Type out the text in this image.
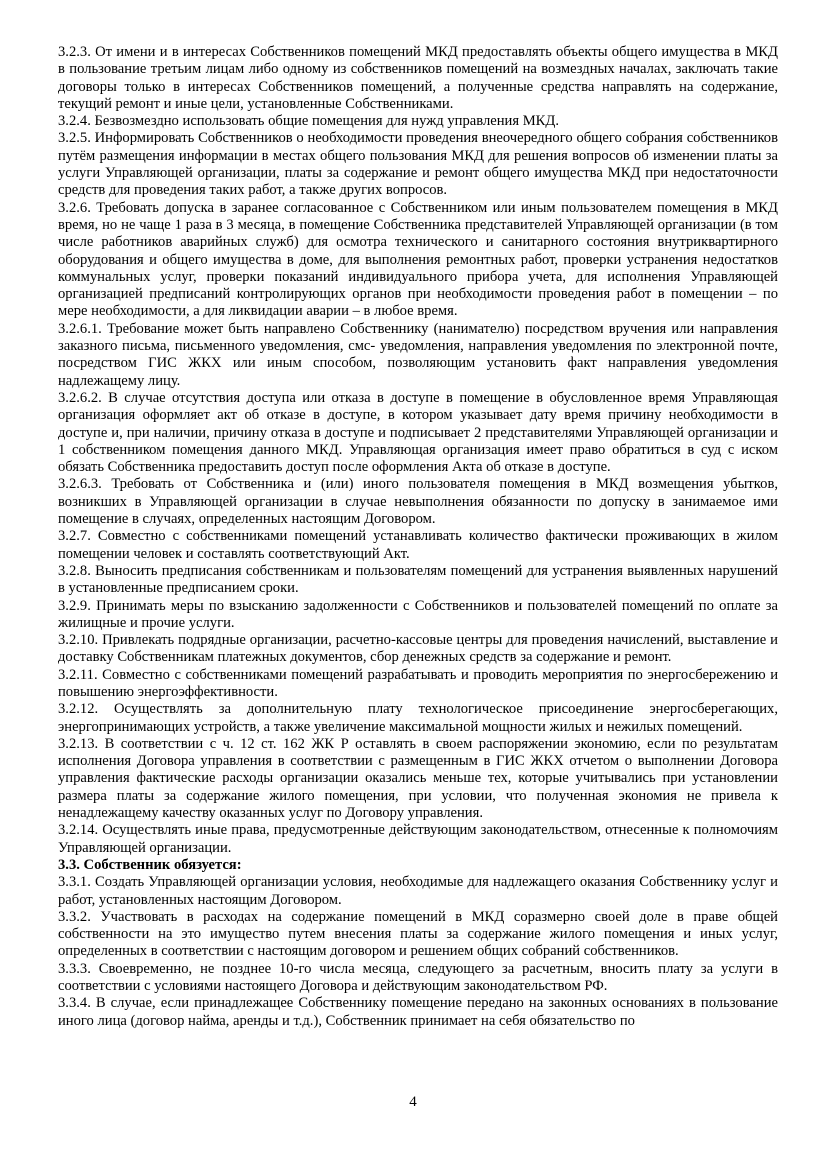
3.2.3. От имени и в интересах Собственников помещений МКД предоставлять объекты общего имущества в МКД в пользование третьим лицам либо одному из собственников помещений на возмездных началах, заключать такие договоры только в интересах Собственников помещений, а полученные средства направлять на содержание, текущий ремонт и иные цели, установленные Собственниками.

3.2.4. Безвозмездно использовать общие помещения для нужд управления МКД.

3.2.5. Информировать Собственников о необходимости проведения внеочередного общего собрания собственников путём размещения информации в местах общего пользования МКД для решения вопросов об изменении платы за услуги Управляющей организации, платы за содержание и ремонт общего имущества МКД при недостаточности средств для проведения таких работ, а также других вопросов.

3.2.6. Требовать допуска в заранее согласованное с Собственником или иным пользователем помещения в МКД время, но не чаще 1 раза в 3 месяца, в помещение Собственника представителей Управляющей организации (в том числе работников аварийных служб) для осмотра технического и санитарного состояния внутриквартирного оборудования и общего имущества в доме, для выполнения ремонтных работ, проверки устранения недостатков коммунальных услуг, проверки показаний индивидуального прибора учета, для исполнения Управляющей организацией предписаний контролирующих органов при необходимости проведения работ в помещении – по мере необходимости, а для ликвидации аварии – в любое время.

3.2.6.1. Требование может быть направлено Собственнику (нанимателю) посредством вручения или направления заказного письма, письменного уведомления, смс- уведомления, направления уведомления по электронной почте, посредством ГИС ЖКХ или иным способом, позволяющим установить факт направления уведомления надлежащему лицу.

3.2.6.2. В случае отсутствия доступа или отказа в доступе в помещение в обусловленное время Управляющая организация оформляет акт об отказе в доступе, в котором указывает дату время причину необходимости в доступе и, при наличии, причину отказа в доступе и подписывает 2 представителями Управляющей организации и 1 собственником помещения данного МКД. Управляющая организация имеет право обратиться в суд с иском обязать Собственника предоставить доступ после оформления Акта об отказе в доступе.

3.2.6.3. Требовать от Собственника и (или) иного пользователя помещения в МКД возмещения убытков, возникших в Управляющей организации в случае невыполнения обязанности по допуску в занимаемое ими помещение в случаях, определенных настоящим Договором.

3.2.7. Совместно с собственниками помещений устанавливать количество фактически проживающих в жилом помещении человек и составлять соответствующий Акт.

3.2.8. Выносить предписания собственникам и пользователям помещений для устранения выявленных нарушений в установленные предписанием сроки.

3.2.9. Принимать меры по взысканию задолженности с Собственников и пользователей помещений по оплате за жилищные и прочие услуги.

3.2.10. Привлекать подрядные организации, расчетно-кассовые центры для проведения начислений, выставление и доставку Собственникам платежных документов, сбор денежных средств за содержание и ремонт.

3.2.11. Совместно с собственниками помещений разрабатывать и проводить мероприятия по энергосбережению и повышению энергоэффективности.

3.2.12. Осуществлять за дополнительную плату технологическое присоединение энергосберегающих, энергопринимающих устройств, а также увеличение максимальной мощности жилых и нежилых помещений.

3.2.13. В соответствии с ч. 12 ст. 162 ЖК Р оставлять в своем распоряжении экономию, если по результатам исполнения Договора управления в соответствии с размещенным в ГИС ЖКХ отчетом о выполнении Договора управления фактические расходы организации оказались меньше тех, которые учитывались при установлении размера платы за содержание жилого помещения, при условии, что полученная экономия не привела к ненадлежащему качеству оказанных услуг по Договору управления.

3.2.14. Осуществлять иные права, предусмотренные действующим законодательством, отнесенные к полномочиям Управляющей организации.

3.3. Собственник обязуется:

3.3.1. Создать Управляющей организации условия, необходимые для надлежащего оказания Собственнику услуг и работ, установленных настоящим Договором.

3.3.2. Участвовать в расходах на содержание помещений в МКД соразмерно своей доле в праве общей собственности на это имущество путем внесения платы за содержание жилого помещения и иных услуг, определенных в соответствии с настоящим договором и решением общих собраний собственников.

3.3.3. Своевременно, не позднее 10-го числа месяца, следующего за расчетным, вносить плату за услуги в соответствии с условиями настоящего Договора и действующим законодательством РФ.

3.3.4. В случае, если принадлежащее Собственнику помещение передано на законных основаниях в пользование иного лица (договор найма, аренды и т.д.), Собственник принимает на себя обязательство по

4
